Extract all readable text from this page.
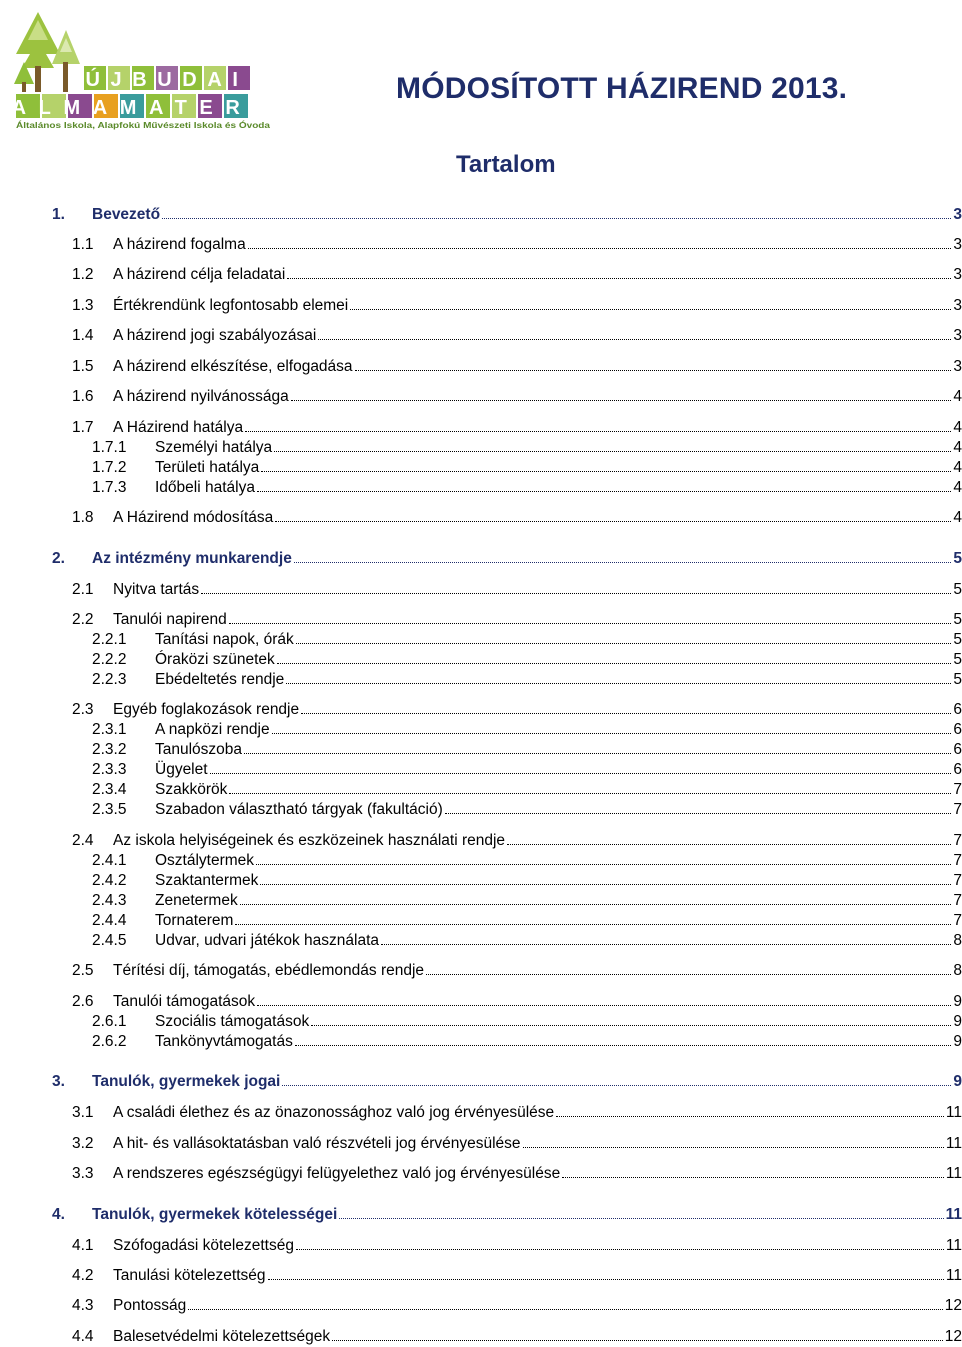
ÚJBUDAI
ALMAMATER
Általános Iskola, Alapfokú Művészeti Iskola és Óvoda
MÓDOSÍTOTT HÁZIREND 2013.
Tartalom
1.	Bevezető	3
1.1	A házirend fogalma	3
1.2	A házirend célja feladatai	3
1.3	Értékrendünk legfontosabb elemei	3
1.4	A házirend jogi szabályozásai	3
1.5	A házirend elkészítése, elfogadása	3
1.6	A házirend nyilvánossága	4
1.7	A Házirend hatálya	4
1.7.1	Személyi hatálya	4
1.7.2	Területi hatálya	4
1.7.3	Időbeli hatálya	4
1.8	A Házirend módosítása	4
2.	Az intézmény munkarendje	5
2.1	Nyitva tartás	5
2.2	Tanulói napirend	5
2.2.1	Tanítási napok, órák	5
2.2.2	Óraközi szünetek	5
2.2.3	Ebédeltetés rendje	5
2.3	Egyéb foglakozások rendje	6
2.3.1	A napközi rendje	6
2.3.2	Tanulószoba	6
2.3.3	Ügyelet	6
2.3.4	Szakkörök	7
2.3.5	Szabadon választható tárgyak (fakultáció)	7
2.4	Az iskola helyiségeinek és eszközeinek használati rendje	7
2.4.1	Osztálytermek	7
2.4.2	Szaktantermek	7
2.4.3	Zenetermek	7
2.4.4	Tornaterem	7
2.4.5	Udvar, udvari játékok használata	8
2.5	Térítési díj, támogatás, ebédlemondás rendje	8
2.6	Tanulói támogatások	9
2.6.1	Szociális támogatások	9
2.6.2	Tankönyvtámogatás	9
3.	Tanulók, gyermekek jogai	9
3.1	A családi élethez és az önazonossághoz való jog érvényesülése	11
3.2	A hit- és vallásoktatásban való részvételi jog érvényesülése	11
3.3	A rendszeres egészségügyi felügyelethez való jog érvényesülése	11
4.	Tanulók, gyermekek kötelességei	11
4.1	Szófogadási kötelezettség	11
4.2	Tanulási kötelezettség	11
4.3	Pontosság	12
4.4	Balesetvédelmi kötelezettségek	12
